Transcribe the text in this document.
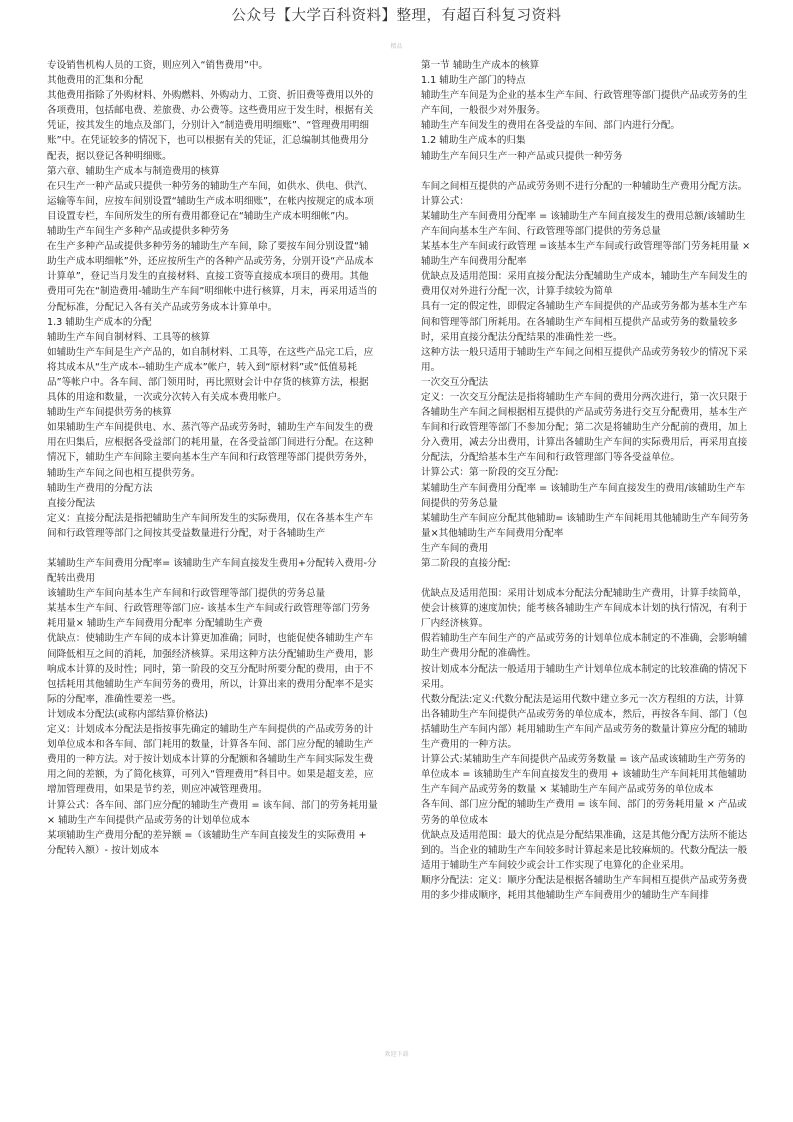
公众号【大学百科资料】整理，有超百科复习资料
精品

专设销售机构人员的工资，则应列入“销售费用”中。

其他费用的汇集和分配

其他费用指除了外购材料、外购燃料、外购动力、工资、折旧费等费用以外的各项费用，包括邮电费、差旅费、办公费等。这些费用应于发生时，根据有关凭证，按其发生的地点及部门，分别计入“制造费用明细账”、“管理费用明细账”中。在凭证较多的情况下，也可以根据有关的凭证，汇总编制其他费用分配表，据以登记各种明细账。

第六章、辅助生产成本与制造费用的核算

在只生产一种产品或只提供一种劳务的辅助生产车间，如供水、供电、供汽、运输等车间，应按车间别设置“辅助生产成本明细账”，在帐内按规定的成本项目设置专栏，车间所发生的所有费用都登记在“辅助生产成本明细帐”内。

辅助生产车间生产多种产品或提供多种劳务

在生产多种产品或提供多种劳务的辅助生产车间，除了要按车间分别设置“辅助生产成本明细帐”外，还应按所生产的各种产品或劳务，分别开设“产品成本计算单”，登记当月发生的直接材料、直接工资等直接成本项目的费用。其他费用可先在“制造费用-辅助生产车间”明细帐中进行核算，月末，再采用适当的分配标准，分配记入各有关产品或劳务成本计算单中。

1.3 辅助生产成本的分配

辅助生产车间自制材料、工具等的核算

如辅助生产车间是生产产品的，如自制材料、工具等，在这些产品完工后，应将其成本从“生产成本--辅助生产成本”帐户，转入到“原材料”或“低值易耗品”等帐户中。各车间、部门领用时，再比照财会计中存货的核算方法，根据具体的用途和数量，一次或分次转入有关成本费用帐户。

辅助生产车间提供劳务的核算

如果辅助生产车间提供电、水、蒸汽等产品或劳务时，辅助生产车间发生的费用在归集后，应根据各受益部门的耗用量，在各受益部门间进行分配。在这种情况下，辅助生产车间除主要向基本生产车间和行政管理等部门提供劳务外，辅助生产车间之间也相互提供劳务。

辅助生产费用的分配方法

直接分配法

定义：直接分配法是指把辅助生产车间所发生的实际费用，仅在各基本生产车间和行政管理等部门之间按其受益数量进行分配，对于各辅助生产

某辅助生产车间费用分配率= 该辅助生产车间直接发生费用+分配转入费用-分配转出费用

该辅助生产车间向基本生产车间和行政管理等部门提供的劳务总量

某基本生产车间、行政管理等部门应- 该基本生产车间或行政管理等部门劳务耗用量× 辅助生产车间费用分配率 分配辅助生产费

优缺点：使辅助生产车间的成本计算更加准确；同时，也能促使各辅助生产车间降低相互之间的消耗，加强经济核算。采用这种方法分配辅助生产费用，影响成本计算的及时性；同时，第一阶段的交互分配时所要分配的费用，由于不包括耗用其他辅助生产车间劳务的费用，所以，计算出来的费用分配率不是实际的分配率，准确性要差一些。

计划成本分配法(或称内部结算价格法)

定义：计划成本分配法是指按事先确定的辅助生产车间提供的产品或劳务的计划单位成本和各车间、部门耗用的数量，计算各车间、部门应分配的辅助生产费用的一种方法。对于按计划成本计算的分配额和各辅助生产车间实际发生费用之间的差额，为了简化核算，可列入“管理费用”科目中。如果是超支差，应增加管理费用，如果是节约差，则应冲减管理费用。

计算公式：各车间、部门应分配的辅助生产费用 = 该车间、部门的劳务耗用量 × 辅助生产车间提供产品或劳务的计划单位成本

某项辅助生产费用分配的差异额 =（该辅助生产车间直接发生的实际费用 + 分配转入额）- 按计划成本

第一节 辅助生产成本的核算

1.1 辅助生产部门的特点

辅助生产车间是为企业的基本生产车间、行政管理等部门提供产品或劳务的生产车间，一般很少对外服务。

辅助生产车间发生的费用在各受益的车间、部门内进行分配。

1.2 辅助生产成本的归集

辅助生产车间只生产一种产品或只提供一种劳务

车间之间相互提供的产品或劳务则不进行分配的一种辅助生产费用分配方法。计算公式：

某辅助生产车间费用分配率 = 该辅助生产车间直接发生的费用总额/该辅助生产车间向基本生产车间、行政管理等部门提供的劳务总量

某基本生产车间或行政管理 =该基本生产车间或行政管理等部门劳务耗用量 ×辅助生产车间费用分配率

优缺点及适用范围：采用直接分配法分配辅助生产成本，辅助生产车间发生的费用仅对外进行分配一次，计算手续较为简单

具有一定的假定性，即假定各辅助生产车间提供的产品或劳务都为基本生产车间和管理等部门所耗用。在各辅助生产车间相互提供产品或劳务的数量较多时，采用直接分配法分配结果的准确性差一些。

这种方法一般只适用于辅助生产车间之间相互提供产品或劳务较少的情况下采用。

一次交互分配法

定义：一次交互分配法是指将辅助生产车间的费用分两次进行，第一次只限于各辅助生产车间之间根据相互提供的产品或劳务进行交互分配费用，基本生产车间和行政管理等部门不参加分配；第二次是将辅助生产分配前的费用，加上分入费用，减去分出费用，计算出各辅助生产车间的实际费用后，再采用直接分配法，分配给基本生产车间和行政管理部门等各受益单位。

计算公式：第一阶段的交互分配:

某辅助生产车间费用分配率 = 该辅助生产车间直接发生的费用/该辅助生产车间提供的劳务总量

某辅助生产车间应分配其他辅助= 该辅助生产车间耗用其他辅助生产车间劳务量×其他辅助生产车间费用分配率

生产车间的费用

第二阶段的直接分配:

优缺点及适用范围：采用计划成本分配法分配辅助生产费用，计算手续简单，使会计核算的速度加快；能考核各辅助生产车间成本计划的执行情况，有利于厂内经济核算。

假若辅助生产车间生产的产品或劳务的计划单位成本制定的不准确，会影响辅助生产费用分配的准确性。

按计划成本分配法一般适用于辅助生产计划单位成本制定的比较准确的情况下采用。

代数分配法:定义:代数分配法是运用代数中建立多元一次方程组的方法，计算出各辅助生产车间提供产品或劳务的单位成本，然后，再按各车间、部门（包括辅助生产车间内部）耗用辅助生产车间产品或劳务的数量计算应分配的辅助生产费用的一种方法。

计算公式:某辅助生产车间提供产品或劳务数量 = 该产品或该辅助生产劳务的单位成本 = 该辅助生产车间直接发生的费用 + 该辅助生产车间耗用其他辅助生产车间产品或劳务的数量 × 某辅助生产车间产品或劳务的单位成本

各车间、部门应分配的辅助生产费用 = 该车间、部门的劳务耗用量 × 产品或劳务的单位成本

优缺点及适用范围：最大的优点是分配结果准确，这是其他分配方法所不能达到的。当企业的辅助生产车间较多时计算起来是比较麻烦的。代数分配法一般适用于辅助生产车间较少或会计工作实现了电算化的企业采用。

顺序分配法：定义：顺序分配法是根据各辅助生产车间相互提供产品或劳务费用的多少排成顺序，耗用其他辅助生产车间费用少的辅助生产车间排

欢迎下载
